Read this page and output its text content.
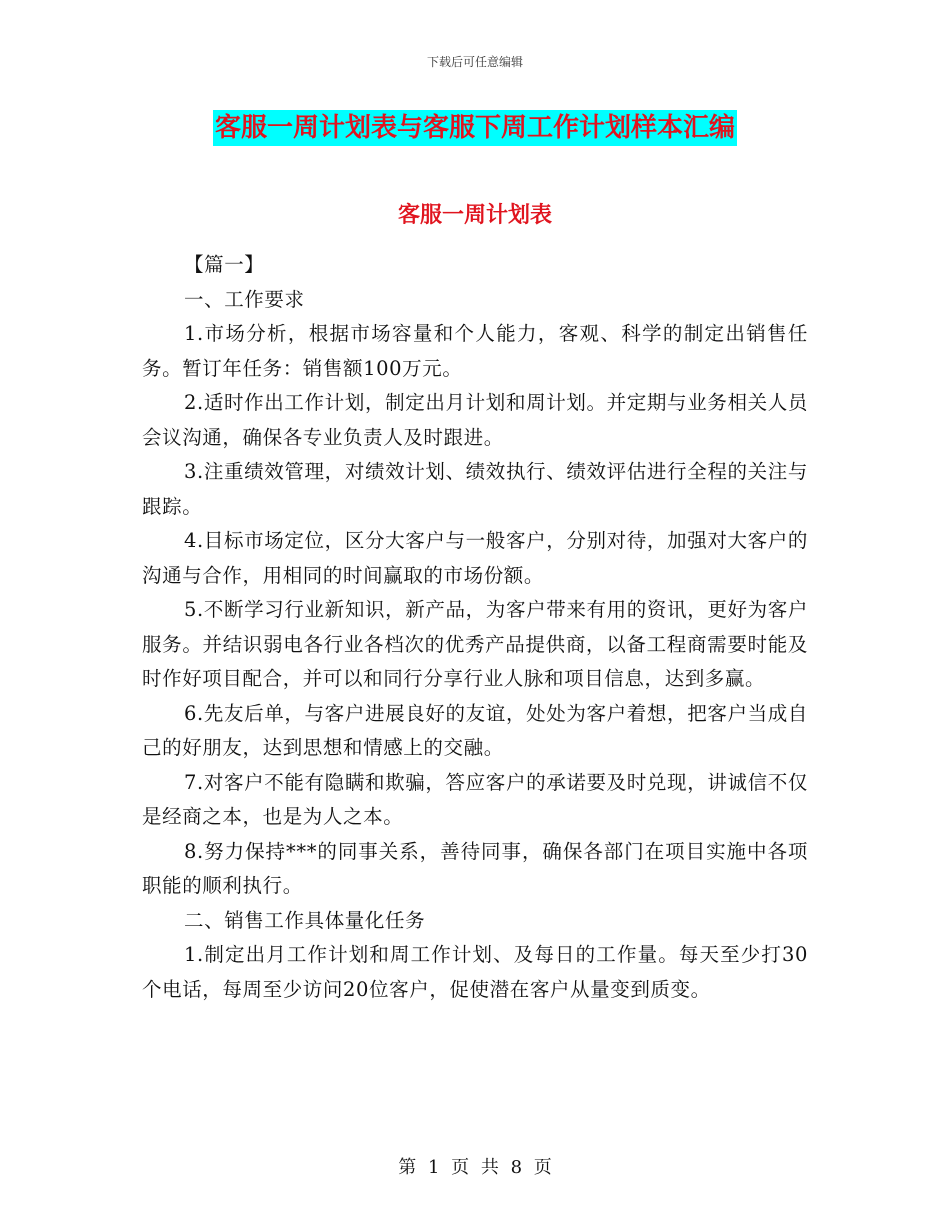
下载后可任意编辑
客服一周计划表与客服下周工作计划样本汇编
客服一周计划表

【篇一】

一、工作要求

1.市场分析，根据市场容量和个人能力，客观、科学的制定出销售任务。暂订年任务：销售额100万元。

2.适时作出工作计划，制定出月计划和周计划。并定期与业务相关人员会议沟通，确保各专业负责人及时跟进。

3.注重绩效管理，对绩效计划、绩效执行、绩效评估进行全程的关注与跟踪。

4.目标市场定位，区分大客户与一般客户，分别对待，加强对大客户的沟通与合作，用相同的时间赢取的市场份额。

5.不断学习行业新知识，新产品，为客户带来有用的资讯，更好为客户服务。并结识弱电各行业各档次的优秀产品提供商，以备工程商需要时能及时作好项目配合，并可以和同行分享行业人脉和项目信息，达到多赢。

6.先友后单，与客户进展良好的友谊，处处为客户着想，把客户当成自己的好朋友，达到思想和情感上的交融。

7.对客户不能有隐瞒和欺骗，答应客户的承诺要及时兑现，讲诚信不仅是经商之本，也是为人之本。

8.努力保持***的同事关系，善待同事，确保各部门在项目实施中各项职能的顺利执行。

二、销售工作具体量化任务

1.制定出月工作计划和周工作计划、及每日的工作量。每天至少打30个电话，每周至少访问20位客户，促使潜在客户从量变到质变。

第 1 页 共 8 页
